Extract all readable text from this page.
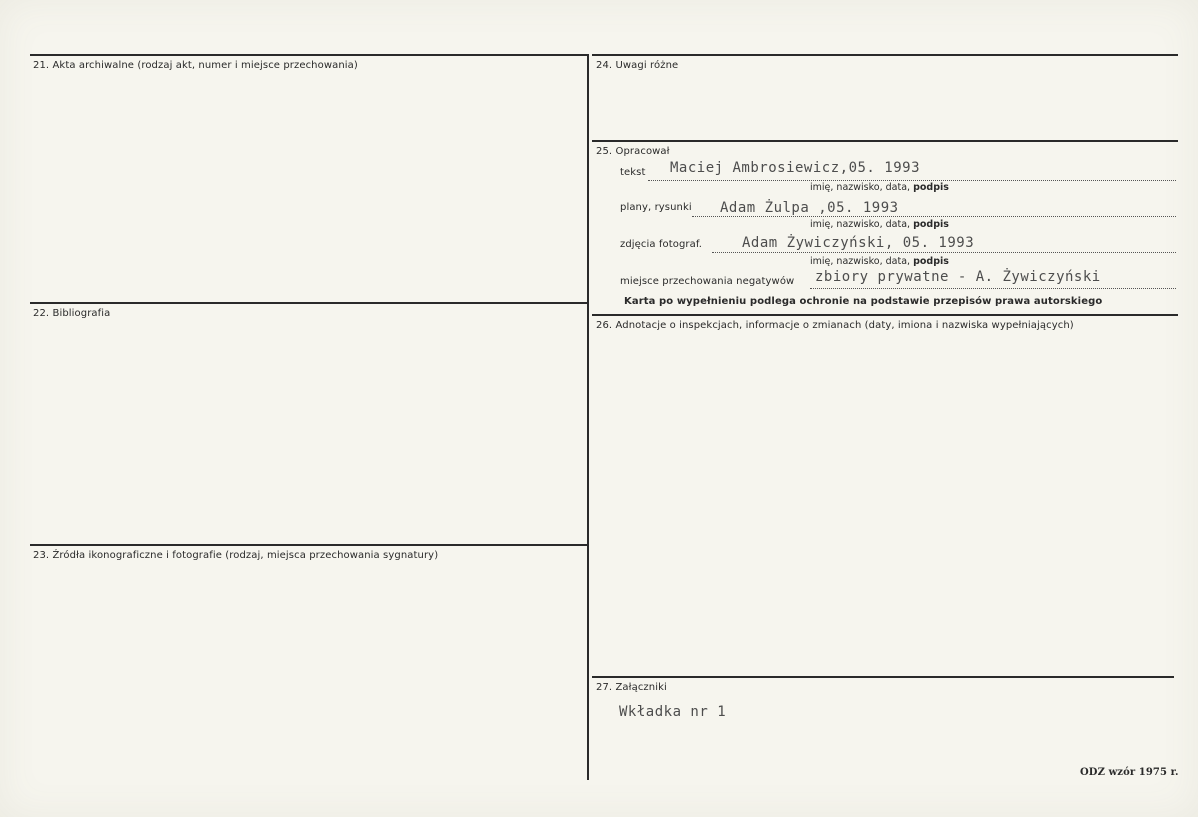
21. Akta archiwalne (rodzaj akt, numer i miejsce przechowania)
22. Bibliografia
23. Źródła ikonograficzne i fotografie (rodzaj, miejsca przechowania sygnatury)
24. Uwagi różne
25. Opracował
26. Adnotacje o inspekcjach, informacje o zmianach (daty, imiona i nazwiska wypełniających)
27. Załączniki
tekst Maciej Ambrosiewicz,05. 1993
imię, nazwisko, data, podpis
plany, rysunki Adam Żulpa ,05. 1993
imię, nazwisko, data, podpis
zdjęcia fotograf.	Adam Żywiczyński, 05. 1993
imię, nazwisko, data, podpis
miejsce przechowania negatywów zbiory prywatne - A. Żywiczyński
Karta po wypełnieniu podlega ochronie na podstawie przepisów prawa autorskiego
Wkładka nr 1
ODZ wzór 1975 r.
